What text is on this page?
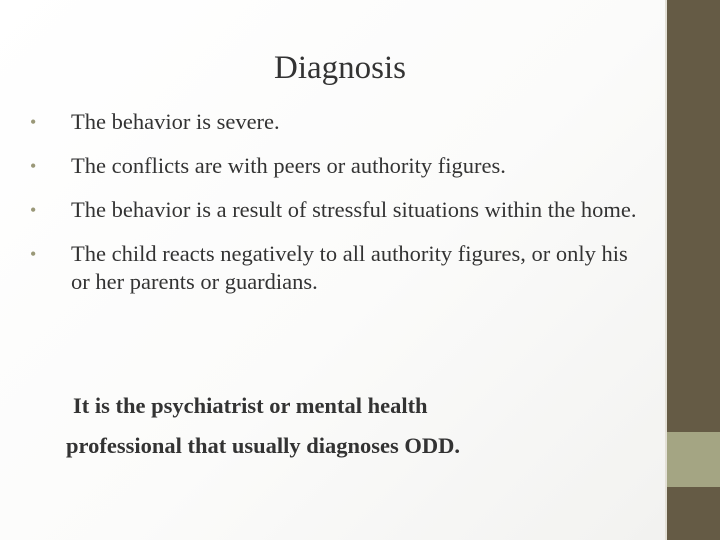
Diagnosis
• The behavior is severe.
• The conflicts are with peers or authority figures.
• The behavior is a result of stressful situations within the home.
• The child reacts negatively to all authority figures, or only his or her parents or guardians.
It is the psychiatrist or mental health
professional that usually diagnoses ODD.
